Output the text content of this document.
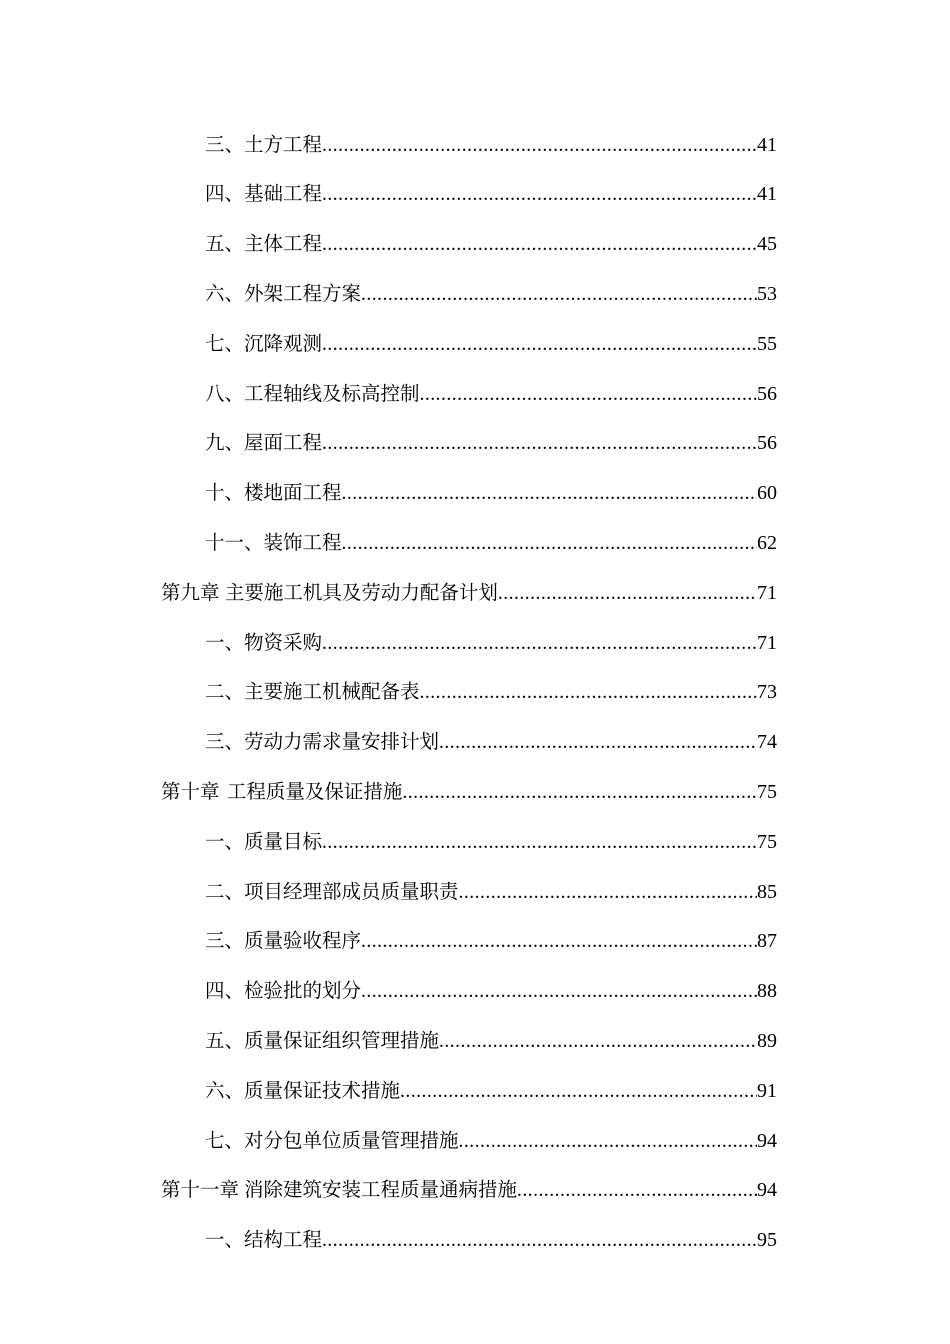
三、土方工程 .....	41
四、基础工程 .....	41
五、主体工程 .....	45
六、外架工程方案 .....	53
七、沉降观测 .....	55
八、工程轴线及标高控制 .....	56
九、屋面工程 .....	56
十、楼地面工程 .....	60
十一、装饰工程 .....	62
第九章 主要施工机具及劳动力配备计划 .....	71
一、物资采购 .....	71
二、主要施工机械配备表 .....	73
三、劳动力需求量安排计划 .....	74
第十章 工程质量及保证措施 .....	75
一、质量目标 .....	75
二、项目经理部成员质量职责 .....	85
三、质量验收程序 .....	87
四、检验批的划分 .....	88
五、质量保证组织管理措施 .....	89
六、质量保证技术措施 .....	91
七、对分包单位质量管理措施 .....	94
第十一章 消除建筑安装工程质量通病措施 .....	94
一、结构工程 .....	95
